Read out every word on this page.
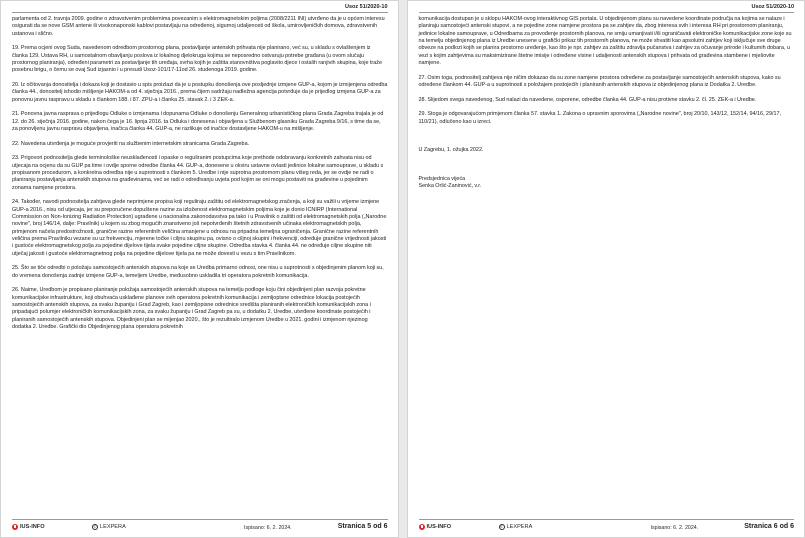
Usoz 51/2020-10

parlamenta od 2. travnja 2009. godine o zdravstvenim problemima povezanim s elektromagnetskim poljima (2008/2211 INI) utvrđeno da je u općem interesu osigurati da se nove GSM antene ili visokonaponski kablovi postavljaju na određenoj, sigurnoj udaljenosti od škola, umirovljeničkih domova, zdravstvenih ustanova i slično.

19. Prema ocjeni ovog Suda, navedenom odredbom prostornog plana, postavljanje antenskih prihvata nije planirano, već su, u skladu s ovlaštenjem iz članka 129. Ustava RH, u samostalnom obavljanju poslova iz lokalnog djelokruga kojima se neposredno ostvaruju potrebe građana (u ovom slučaju prostornog planiranja), određeni parametri za postavljanje tih uređaja, svrha kojih je zaštita stanovništva poglavito djece i ostalih ranjivih skupina, koje traže posebnu brigu, o čemu se ovaj Sud izjasnio i u presudi Usoz-101/17-11od 26. studenoga 2019. godine.

20. Iz očitovanja donositelja i dokaza koji je dostavio u spis proizlazi da je u postupku donošenja ove posljednje izmjene GUP-a, kojom je izmijenjena odredba članka 44., donositelj ishodio mišljenje HAKOM-a od 4. siječnja 2016., prema čijem sadržaju nadležna agencija potvrđuje da je prijedlog izmjena GUP-a za ponovnu javnu raspravu u skladu s člankom 188. i 87. ZPU-a i članka 25. stavak 2. i 3 ZEK-a.

21. Ponovna javna rasprava o prijedlogu Odluke o izmjenama i dopunama Odluke o donošenju Generalnog urbanističkog plana Grada Zagreba trajala je od 12. do 26. siječnja 2016. godine, nakon čega je 16. lipnja 2016. ta Odluka i donesena i objavljena u Službenom glasniku Grada Zagreba 9/16, s time da se, za ponovljenu javnu raspravu objavljena, inačica članka 44. GUP-a, ne razlikuje od inačice dostavljene HAKOM-u na mišljenje.

22. Navedena utvrđenja je moguće provjeriti na službenim internetskim stranicama Grada Zagreba.

23. Prigovori podnositelja glede terminološke neusklađenosti i opaske o reguliranim postupcima koje prethode odobravanju konkretnih zahvata nisu od utjecaja na ocjenu da su GUP pa time i ovdje sporne odredbe članka 44. GUP-a, donesene u okviru ustavne ovlasti jedinice lokalne samouprave, u skladu s propisanom procedurom, a konkretna odredba nije u suprotnosti s člankom 5. Uredbe i nije suprotna prostornom planu višeg reda, jer se ovdje ne radi o planiranju postavljanja antenskih stupova na građevinama, već se radi o određivanju uvjeta pod kojim se oni mogu postaviti na građevine u pojedinim zonama namjene prostora.

24. Također, navodi podnositelja zahtjeva glede neprimjene propisa koji reguliraju zaštitu od elektromagnetskog zračenja, a koji su važili u vrijeme izmjene GUP-a 2016., nisu od utjecaja, jer su preporučene dopuštene razine za izloženost elektromagnetskim poljima koje je donio ICNIRP (International Commission on Non-Ionizing Radiation Protection) ugrađene u nacionalna zakonodavstva pa tako i u Pravilnik o zaštiti od elektromagnetskih polja („Narodne novine", broj 146/14, dalje: Pravilnik) u kojem su zbog mogućih znanstveno još nepotvrđenih štetnih zdravstvenih učinaka elektromagnetskih polja, primjenom načela predostrožnosti, granične razine referentnih veličina smanjene u odnosu na pripadna temeljna ograničenja. Granične razine referentnih veličina prema Pravilniku vezane su uz frekvenciju, mjerene točke i ciljnu skupinu pa, ovisno o ciljnoj skupini i frekvenciji, određuje granične vrijednosti jakosti i gustoće elektromagnetskog polja za pojedine dijelove tijela svake pojedine ciljne skupine. Odredba stavka 4. članka 44. ne određuje ciljne skupine niti utječaj jakosti i gustoće elektromagnetnog polja na pojedine dijelove tijela pa ne može dovesti u vezu s tim Pravilnikom.

25. Što se tiče odredbi o položaju samostojećih antenskih stupova na koje se Uredba primarno odnosi, one nisu u suprotnosti s objedinjenim planom koji su, do vremena donošenja zadnje izmjene GUP-a, temeljem Uredbe, međusobno uskladila tri operatora pokretnih komunikacija.

26. Naime, Uredbom je propisano planiranje položaja samostojećih antenskih stupova na temelju podloge koju čini objedinjeni plan razvoja pokretne komunikacijske infrastrukture, koji obuhvaća usklađene planove svih operatora pokretnih komunikacija i zemljopisne odrednice lokacija postojećih samostojećih antenskih stupova, za svaku županiju i Grad Zagreb, kao i zemljopisne odrednice središta planiranih elektroničkih komunikacijskih zona i pripadajući polumjer elektroničkih komunikacijskih zona, za svaku županiju i Grad Zagreb pa su, u dodatku 2. Uredbe, utvrđene koordinate postojećih i planiranih samostojećih antenskih stupova. Objedinjeni plan se mijenjao 2020., što je rezultiralo izmjenom Uredbe u 2021. godini i izmjenom njezinog dodatka 2. Uredbe. Grafički dio Objedinjenog plana operatora pokretnih

IUS-INFO	© LEXPERA	Ispisano: 6. 2. 2024.	Stranica 5 od 6
Usoz 51/2020-10

komunikacija dostupan je u sklopu HAKOM-ovog interaktivnog GIS portala. U objedinjenom planu su navedene koordinate područja na kojima se nalaze i planiraju samostojeći antenski stupovi, a ne pojedine zone namjene prostora pa se zahtjev da, zbog interesa svih i interesa RH pri prostornom planiranju, jedinice lokalne samouprave, u Odredbama za provođenje prostornih planova, ne smiju umanjivati i/ili ograničavati elektroničke komunikacijske zone koje su na temelju objedinjenog plana iz Uredbe unesene u grafički prikaz tih prostornih planova, ne može shvatiti kao apsolutni zahtjev koji isključuje sve druge obveze na podlozi kojih se planira prostorno uređenje, kao što je npr. zahtjev za zaštitu zdravlja pučanstva i zahtjev za očuvanje prirode i kulturnih dobara, u vezi s kojim zahtjevima su maksimizirane štetne imisije i određene visine i udaljenosti antenskih stupova i prihvata od građevina stambene i mješovite namjene.

27. Osim toga, podnositelj zahtjeva nije ničim dokazao da su zone namjene prostora određene za postavljanje samostojećih antenskih stupova, kako su određene člankom 44. GUP-a u suprotnosti s položajem postojećih i planiranih antenskih stupova iz objedinjenog plana iz Dodatka 2. Uredbe.

28. Slijedom svega navedenog, Sud nalazi da navedene, osporene, odredbe članka 44. GUP-a nisu protivne stavku 2. čl. 25. ZEK-a i Uredbe.

29. Stoga je odgovarajućom primjenom članka 57. stavka 1. Zakona o upravnim sporovima („Narodne novine", broj 20/10, 143/12, 152/14, 94/16, 29/17, 110/21), odlučeno kao u izreci.

U Zagrebu, 1. ožujka 2022.

Predsjednica vijeća

Senka Orlić-Zaninović, v.r.

IUS-INFO	© LEXPERA	Ispisano: 6. 2. 2024.	Stranica 6 od 6
